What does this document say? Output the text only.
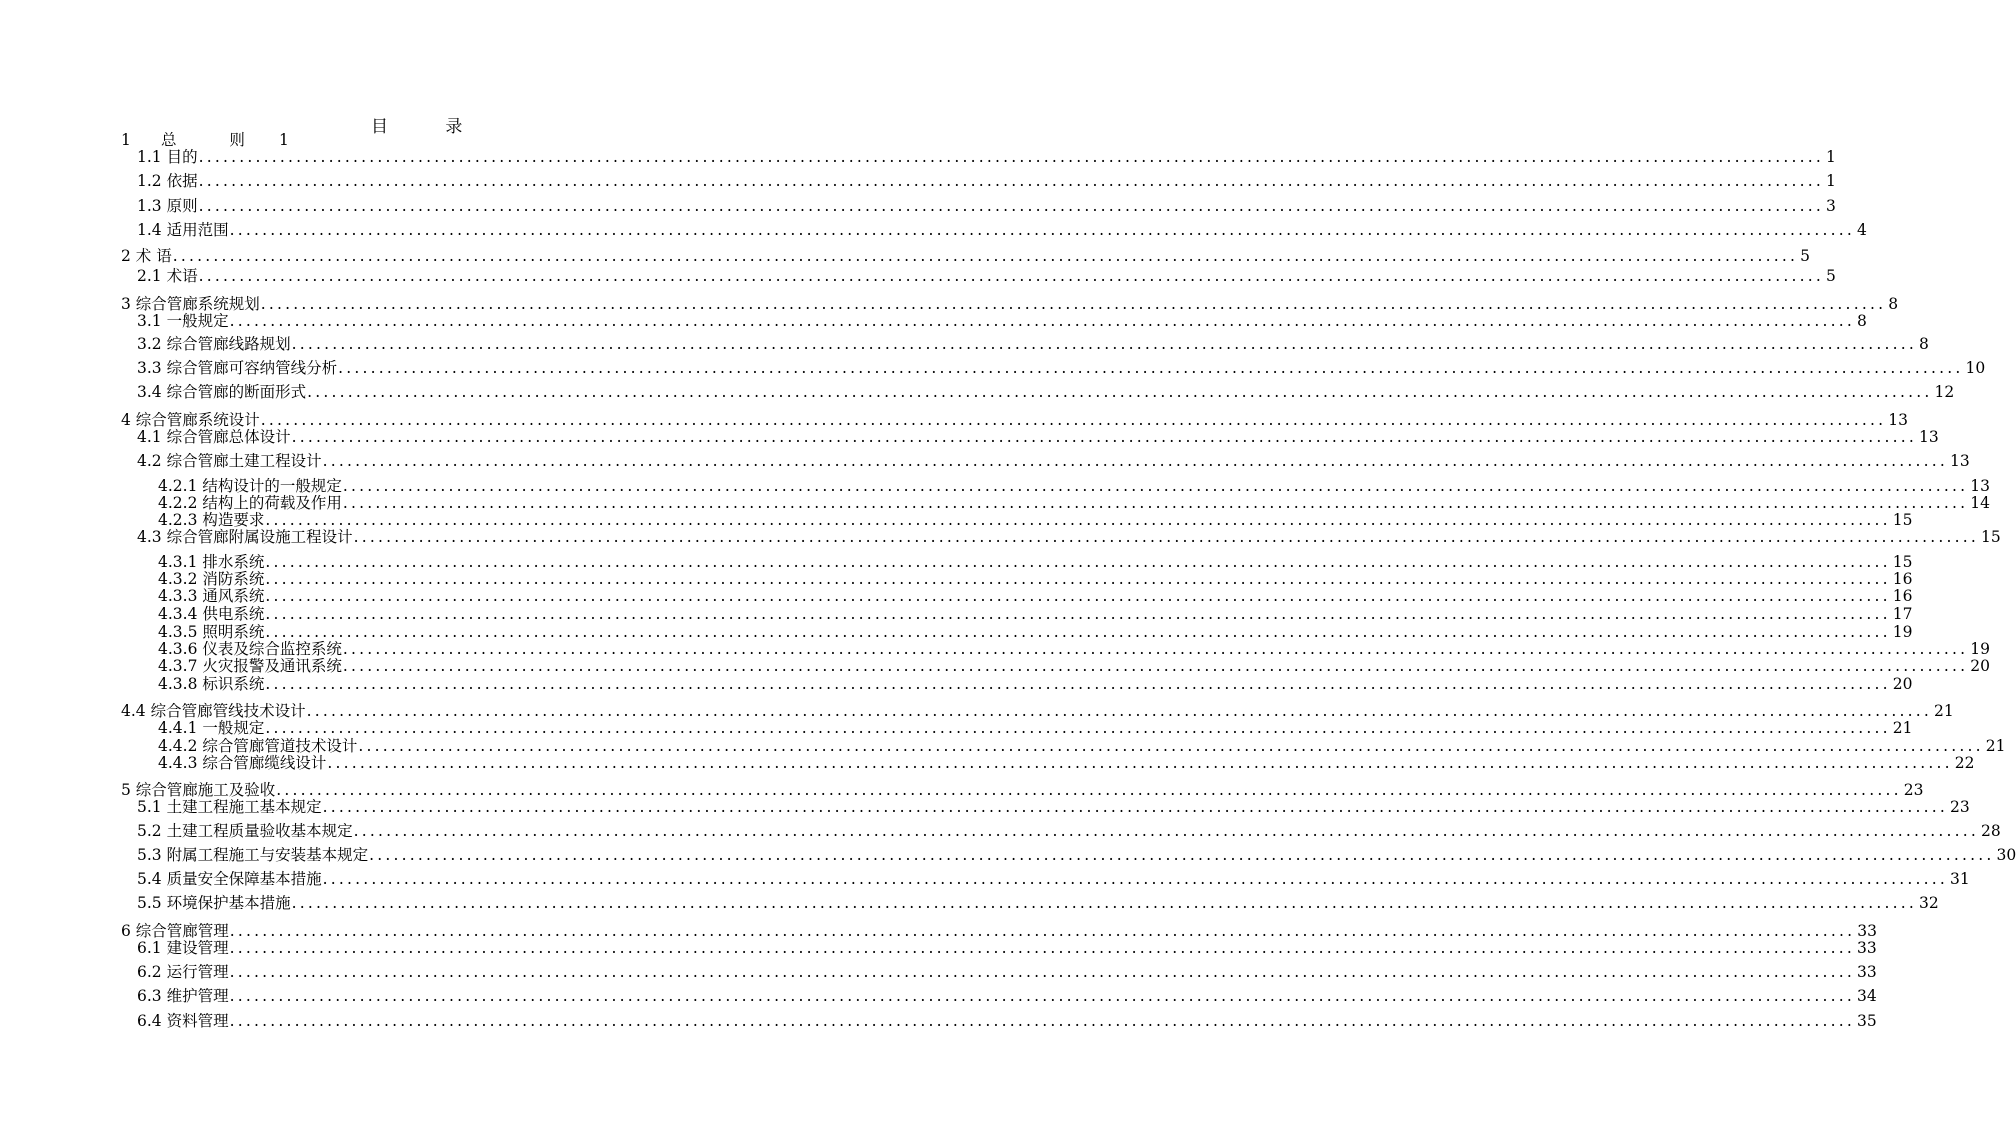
目 录
1 总 则 1
1.1 目的 ........................................................................................................................................................................................................ 1
1.2 依据 ........................................................................................................................................................................................................ 1
1.3 原则 ........................................................................................................................................................................................................ 3
1.4 适用范围 ........................................................................................................................................................................................................ 4
2 术 语 ........................................................................................................................................................................................................ 5
2.1 术语 ........................................................................................................................................................................................................ 5
3 综合管廊系统规划 ........................................................................................................................................................................................................ 8
3.1 一般规定 ........................................................................................................................................................................................................ 8
3.2 综合管廊线路规划 ........................................................................................................................................................................................................ 8
3.3 综合管廊可容纳管线分析 ........................................................................................................................................................................................................ 10
3.4 综合管廊的断面形式 ........................................................................................................................................................................................................ 12
4 综合管廊系统设计 ........................................................................................................................................................................................................ 13
4.1 综合管廊总体设计 ........................................................................................................................................................................................................ 13
4.2 综合管廊土建工程设计 ........................................................................................................................................................................................................ 13
4.2.1 结构设计的一般规定 ........................................................................................................................................................................................................ 13
4.2.2 结构上的荷载及作用 ........................................................................................................................................................................................................ 14
4.2.3 构造要求 ........................................................................................................................................................................................................ 15
4.3 综合管廊附属设施工程设计 ........................................................................................................................................................................................................ 15
4.3.1 排水系统 ........................................................................................................................................................................................................ 15
4.3.2 消防系统 ........................................................................................................................................................................................................ 16
4.3.3 通风系统 ........................................................................................................................................................................................................ 16
4.3.4 供电系统 ........................................................................................................................................................................................................ 17
4.3.5 照明系统 ........................................................................................................................................................................................................ 19
4.3.6 仪表及综合监控系统 ........................................................................................................................................................................................................ 19
4.3.7 火灾报警及通讯系统 ........................................................................................................................................................................................................ 20
4.3.8 标识系统 ........................................................................................................................................................................................................ 20
4.4 综合管廊管线技术设计 ........................................................................................................................................................................................................ 21
4.4.1 一般规定 ........................................................................................................................................................................................................ 21
4.4.2 综合管廊管道技术设计 ........................................................................................................................................................................................................ 21
4.4.3 综合管廊缆线设计 ........................................................................................................................................................................................................ 22
5 综合管廊施工及验收 ........................................................................................................................................................................................................ 23
5.1 土建工程施工基本规定 ........................................................................................................................................................................................................ 23
5.2 土建工程质量验收基本规定 ........................................................................................................................................................................................................ 28
5.3 附属工程施工与安装基本规定 ........................................................................................................................................................................................................ 30
5.4 质量安全保障基本措施 ........................................................................................................................................................................................................ 31
5.5 环境保护基本措施 ........................................................................................................................................................................................................ 32
6 综合管廊管理 ........................................................................................................................................................................................................ 33
6.1 建设管理 ........................................................................................................................................................................................................ 33
6.2 运行管理 ........................................................................................................................................................................................................ 33
6.3 维护管理 ........................................................................................................................................................................................................ 34
6.4 资料管理 ........................................................................................................................................................................................................ 35
